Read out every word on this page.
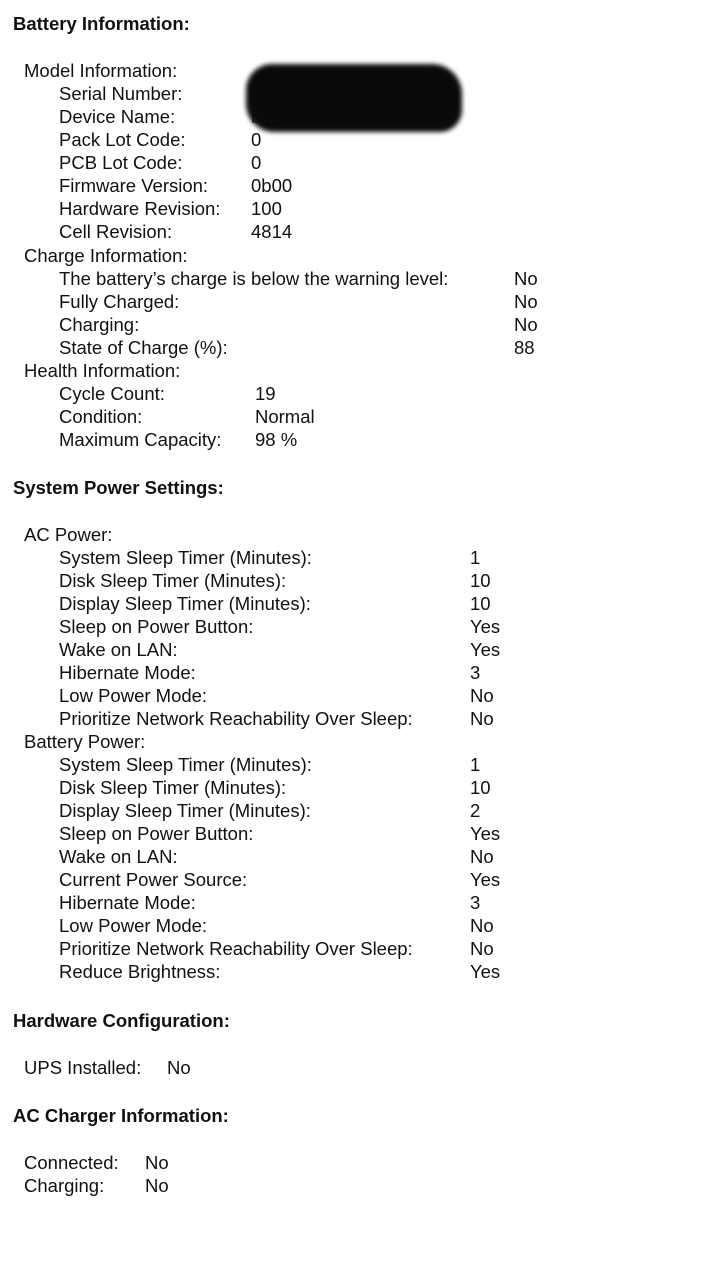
Battery Information:
Model Information:
Serial Number:
Device Name:
Pack Lot Code:	0
PCB Lot Code:	0
Firmware Version: 0b00
Hardware Revision: 100
Cell Revision:	4814
Charge Information:
The battery’s charge is below the warning level:	No
Fully Charged:	No
Charging:	No
State of Charge (%):	88
Health Information:
Cycle Count:	19
Condition:	Normal
Maximum Capacity: 98 %
System Power Settings:
AC Power:
System Sleep Timer (Minutes):	1
Disk Sleep Timer (Minutes):	10
Display Sleep Timer (Minutes):	10
Sleep on Power Button:	Yes
Wake on LAN:	Yes
Hibernate Mode:	3
Low Power Mode:	No
Prioritize Network Reachability Over Sleep:	No
Battery Power:
System Sleep Timer (Minutes):	1
Disk Sleep Timer (Minutes):	10
Display Sleep Timer (Minutes):	2
Sleep on Power Button:	Yes
Wake on LAN:	No
Current Power Source:	Yes
Hibernate Mode:	3
Low Power Mode:	No
Prioritize Network Reachability Over Sleep:	No
Reduce Brightness:	Yes
Hardware Configuration:
UPS Installed: No
AC Charger Information:
Connected: No
Charging: No
